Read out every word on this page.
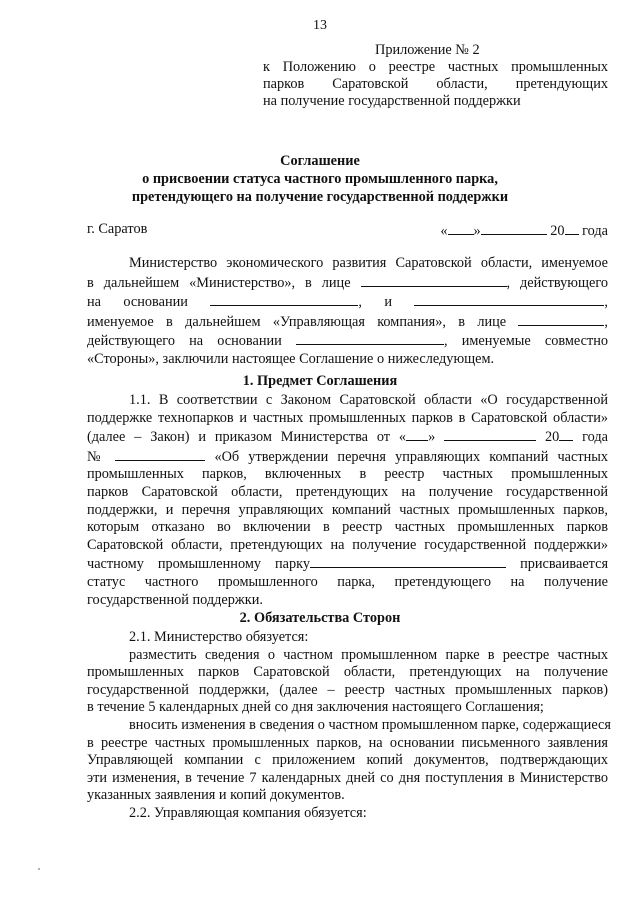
13
Приложение № 2
к Положению о реестре частных промышленных
парков Саратовской области, претендующих
на получение государственной поддержки
Соглашение
о присвоении статуса частного промышленного парка,
претендующего на получение государственной поддержки
г. Саратов	« »	20 года
Министерство экономического развития Саратовской области, именуемое
в дальнейшем «Министерство», в лице	, действующего
на основании	, и	,
именуемое в дальнейшем «Управляющая компания», в лице	,
действующего на основании	, именуемые совместно
«Стороны», заключили настоящее Соглашение о нижеследующем.
1. Предмет Соглашения
1.1. В соответствии с Законом Саратовской области «О государственной
поддержке технопарков и частных промышленных парков в Саратовской области»
(далее – Закон) и приказом Министерства от « »	20 года
№	«Об утверждении перечня управляющих компаний частных
промышленных парков, включенных в реестр частных промышленных
парков Саратовской области, претендующих на получение государственной
поддержки, и перечня управляющих компаний частных промышленных парков,
которым отказано во включении в реестр частных промышленных парков
Саратовской области, претендующих на получение государственной поддержки»
частному промышленному парку	присваивается
статус частного промышленного парка, претендующего на получение
государственной поддержки.
2. Обязательства Сторон
2.1. Министерство обязуется:
разместить сведения о частном промышленном парке в реестре частных
промышленных парков Саратовской области, претендующих на получение
государственной поддержки, (далее – реестр частных промышленных парков)
в течение 5 календарных дней со дня заключения настоящего Соглашения;
вносить изменения в сведения о частном промышленном парке, содержащиеся
в реестре частных промышленных парков, на основании письменного заявления
Управляющей компании с приложением копий документов, подтверждающих
эти изменения, в течение 7 календарных дней со дня поступления в Министерство
указанных заявления и копий документов.
2.2. Управляющая компания обязуется:
